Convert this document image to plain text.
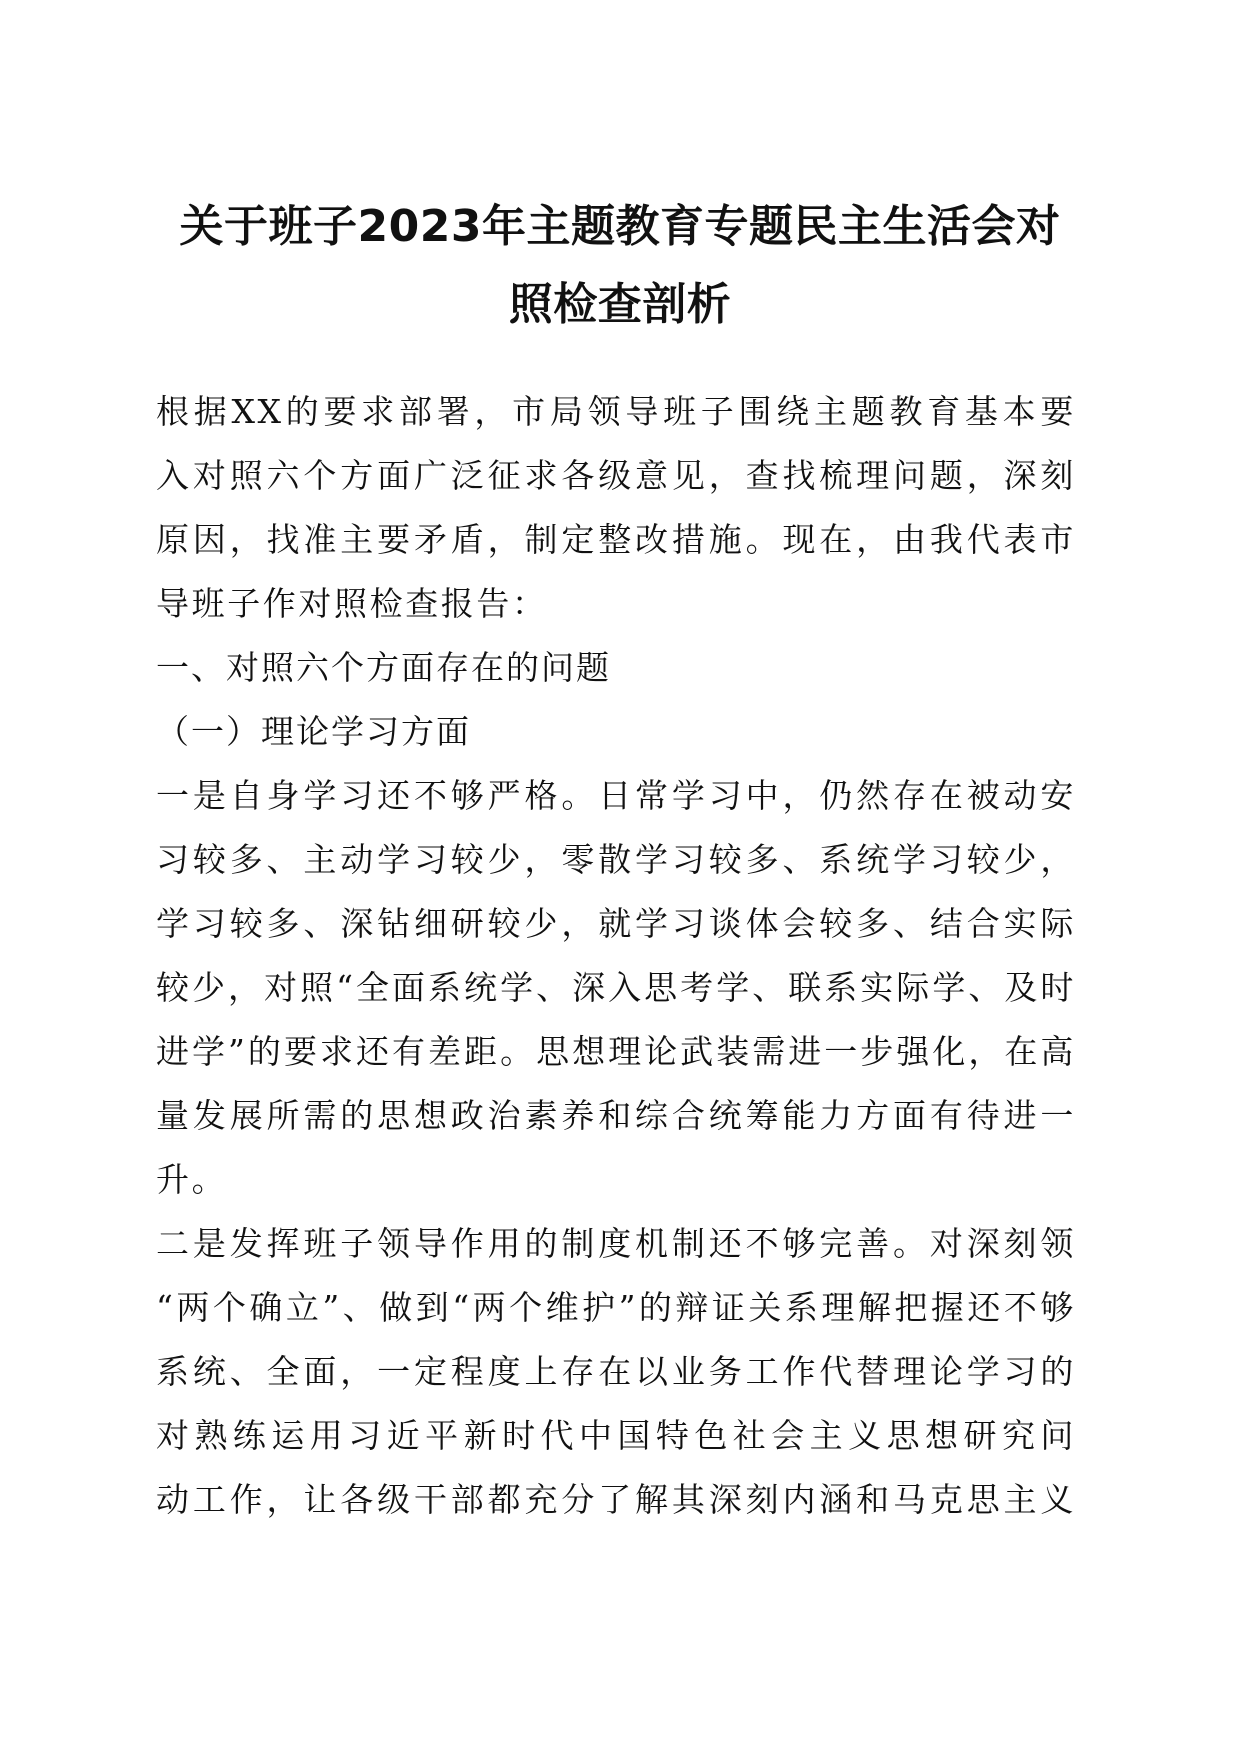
关于班子2023年主题教育专题民主生活会对
照检查剖析
根据XX的要求部署，市局领导班子围绕主题教育基本要
入对照六个方面广泛征求各级意见，查找梳理问题，深刻
原因，找准主要矛盾，制定整改措施。现在，由我代表市
导班子作对照检查报告：
一、对照六个方面存在的问题
（一）理论学习方面
一是自身学习还不够严格。日常学习中，仍然存在被动安
习较多、主动学习较少，零散学习较多、系统学习较少，
学习较多、深钻细研较少，就学习谈体会较多、结合实际
较少，对照“全面系统学、深入思考学、联系实际学、及时
进学”的要求还有差距。思想理论武装需进一步强化，在高
量发展所需的思想政治素养和综合统筹能力方面有待进一
升。
二是发挥班子领导作用的制度机制还不够完善。对深刻领
“两个确立”、做到“两个维护”的辩证关系理解把握还不够
系统、全面，一定程度上存在以业务工作代替理论学习的
对熟练运用习近平新时代中国特色社会主义思想研究问
动工作，让各级干部都充分了解其深刻内涵和马克思主义
